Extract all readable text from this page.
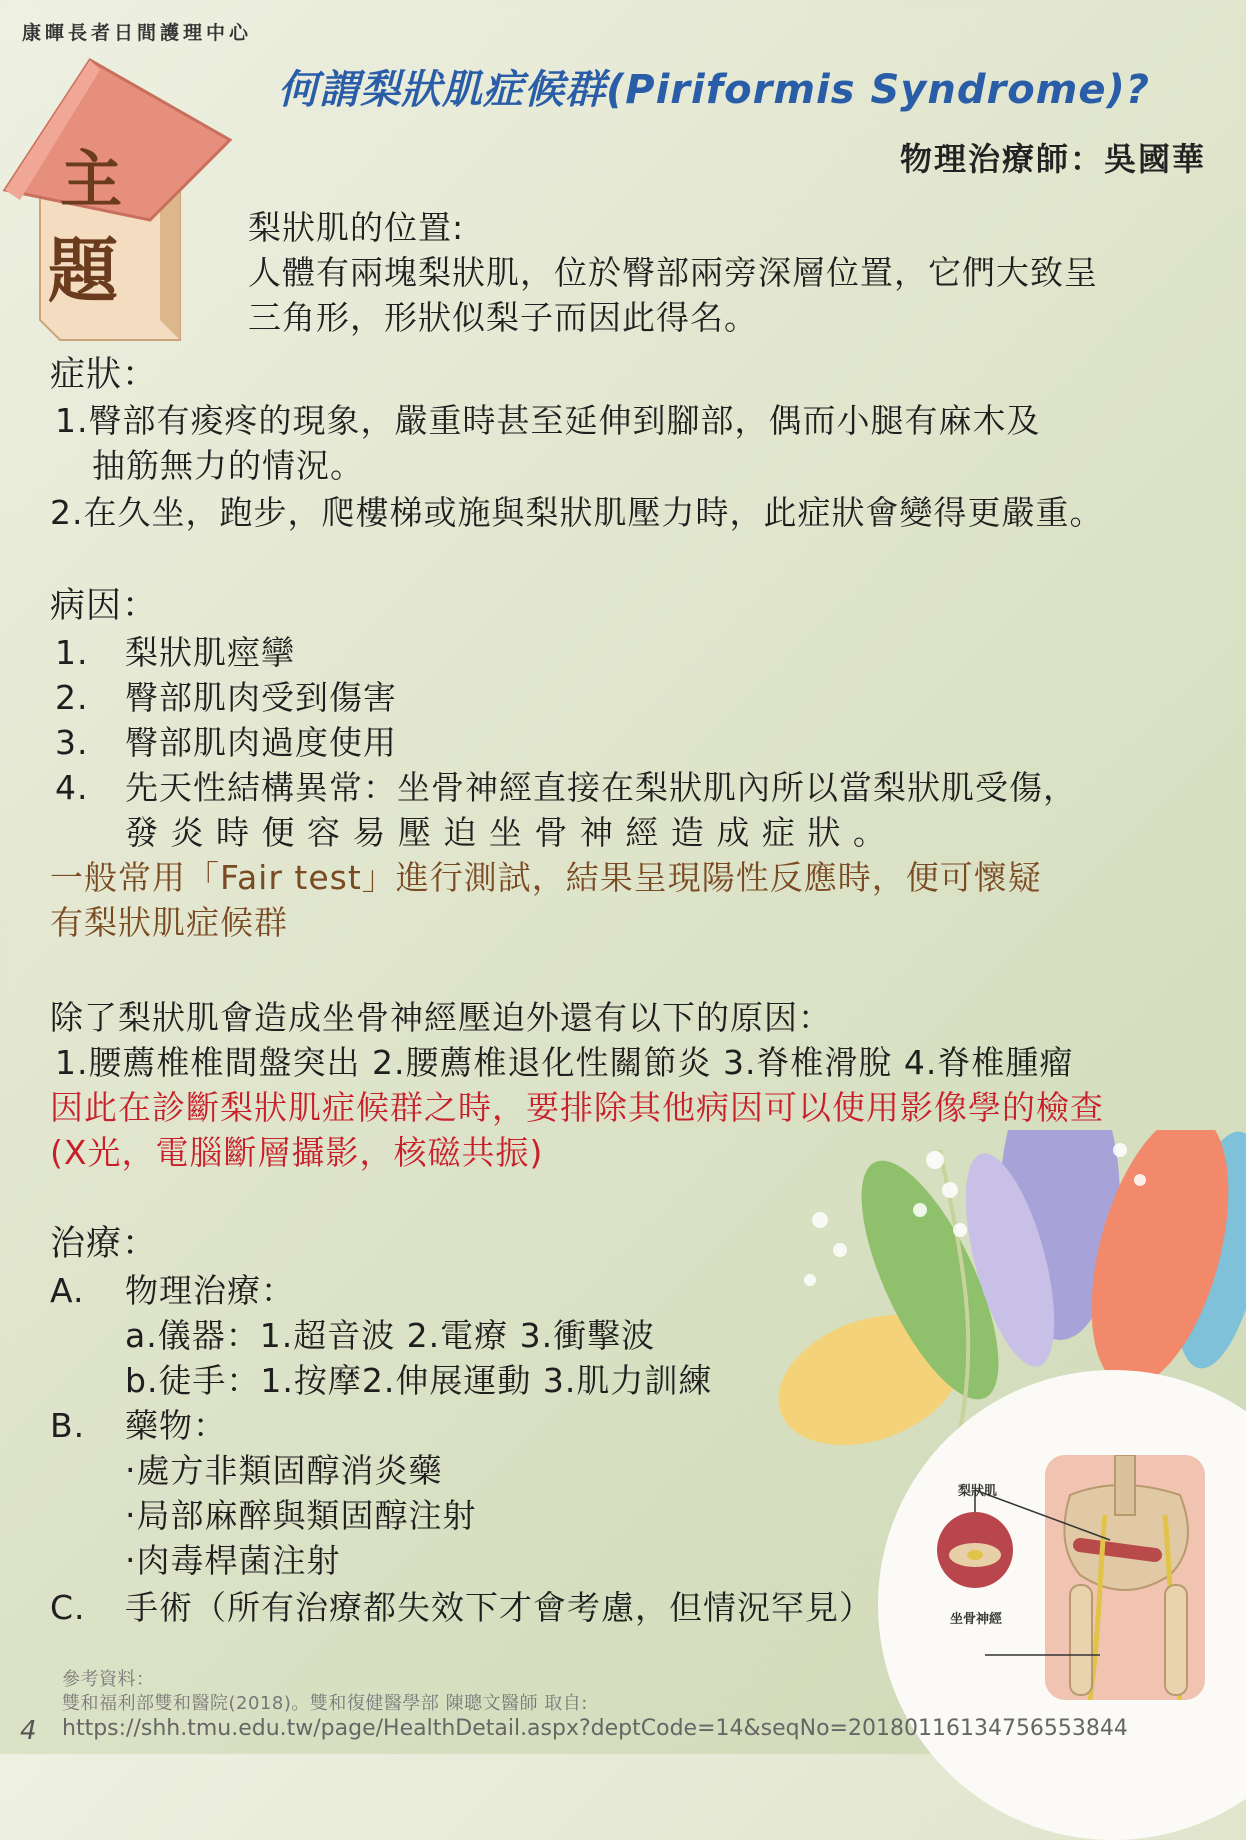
梨狀肌
坐骨神經
康暉長者日間護理中心
何謂梨狀肌症候群(Piriformis Syndrome)?
物理治療師：吳國華
主
題
梨狀肌的位置:
人體有兩塊梨狀肌，位於臀部兩旁深層位置，它們大致呈
三角形，形狀似梨子而因此得名。
症狀：
1.臀部有痠疼的現象，嚴重時甚至延伸到腳部，偶而小腿有麻木及
抽筋無力的情況。
2.在久坐，跑步，爬樓梯或施與梨狀肌壓力時，此症狀會變得更嚴重。
病因：
1. 梨狀肌痙攣
2. 臀部肌肉受到傷害
3. 臀部肌肉過度使用
4. 先天性結構異常：坐骨神經直接在梨狀肌內所以當梨狀肌受傷，
發 炎 時 便 容 易 壓 迫 坐 骨 神 經 造 成 症 狀 。
一般常用「Fair test」進行測試，結果呈現陽性反應時，便可懷疑
有梨狀肌症候群
除了梨狀肌會造成坐骨神經壓迫外還有以下的原因：
1.腰薦椎椎間盤突出 2.腰薦椎退化性關節炎 3.脊椎滑脫 4.脊椎腫瘤
因此在診斷梨狀肌症候群之時，要排除其他病因可以使用影像學的檢查
(X光，電腦斷層攝影，核磁共振)
治療：
A. 物理治療：
a.儀器：1.超音波 2.電療 3.衝擊波
b.徒手：1.按摩2.伸展運動 3.肌力訓練
B. 藥物：
‧處方非類固醇消炎藥
‧局部麻醉與類固醇注射
‧肉毒桿菌注射
C. 手術（所有治療都失效下才會考慮，但情況罕見）
參考資料：
雙和福利部雙和醫院(2018)。雙和復健醫學部 陳聰文醫師 取自:
4 https://shh.tmu.edu.tw/page/HealthDetail.aspx?deptCode=14&seqNo=20180116134756553844
